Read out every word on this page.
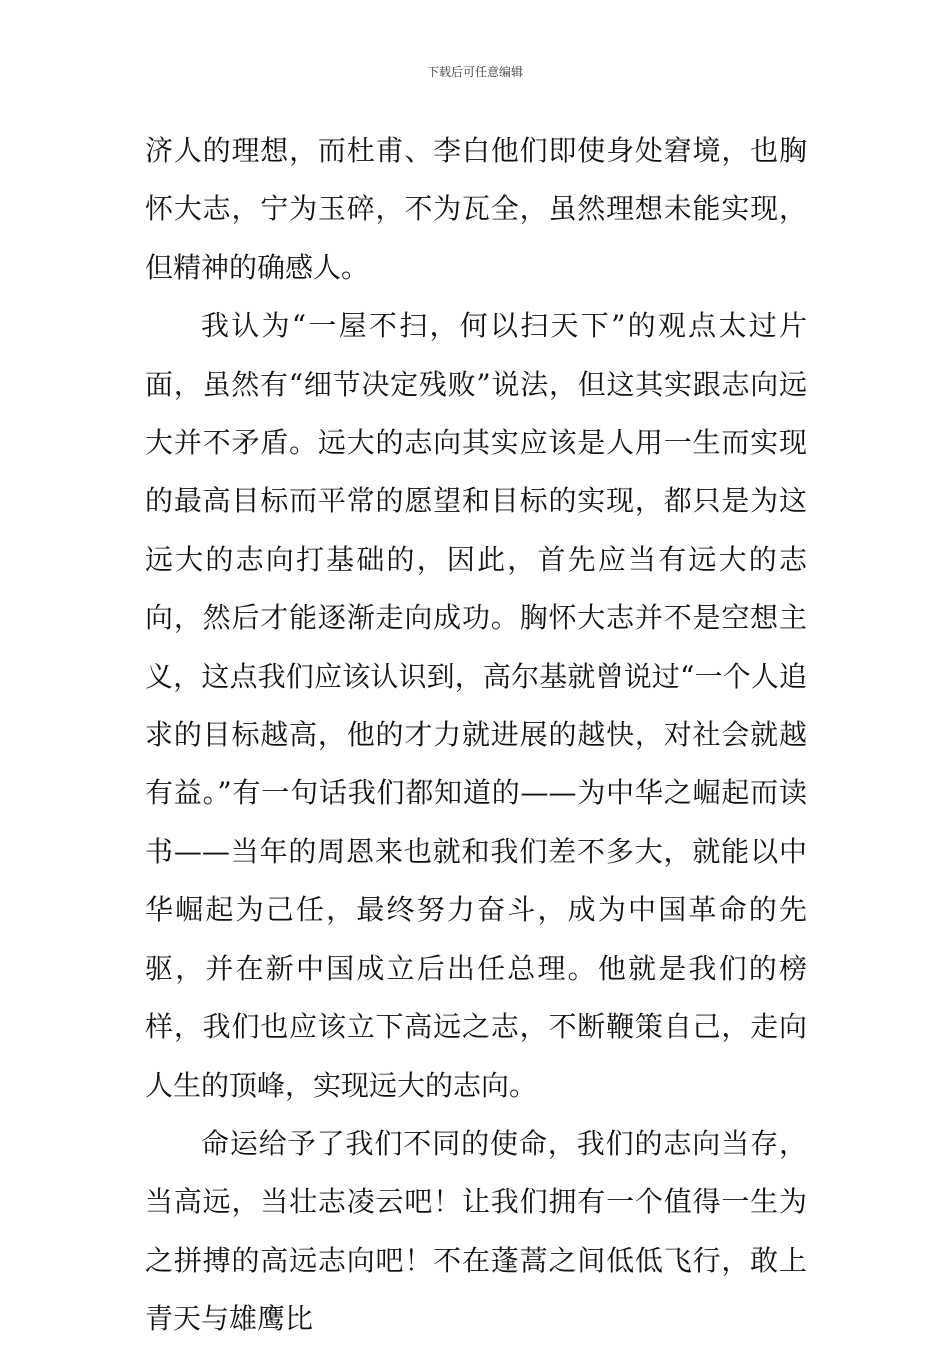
下载后可任意编辑

济人的理想，而杜甫、李白他们即使身处窘境，也胸怀大志，宁为玉碎，不为瓦全，虽然理想未能实现，但精神的确感人。

我认为“一屋不扫，何以扫天下”的观点太过片面，虽然有“细节决定残败”说法，但这其实跟志向远大并不矛盾。远大的志向其实应该是人用一生而实现的最高目标而平常的愿望和目标的实现，都只是为这远大的志向打基础的，因此，首先应当有远大的志向，然后才能逐渐走向成功。胸怀大志并不是空想主义，这点我们应该认识到，高尔基就曾说过“一个人追求的目标越高，他的才力就进展的越快，对社会就越有益。”有一句话我们都知道的——为中华之崛起而读书——当年的周恩来也就和我们差不多大，就能以中华崛起为己任，最终努力奋斗，成为中国革命的先驱，并在新中国成立后出任总理。他就是我们的榜样，我们也应该立下高远之志，不断鞭策自己，走向人生的顶峰，实现远大的志向。

命运给予了我们不同的使命，我们的志向当存，当高远，当壮志凌云吧！让我们拥有一个值得一生为之拼搏的高远志向吧！不在蓬蒿之间低低飞行，敢上青天与雄鹰比
